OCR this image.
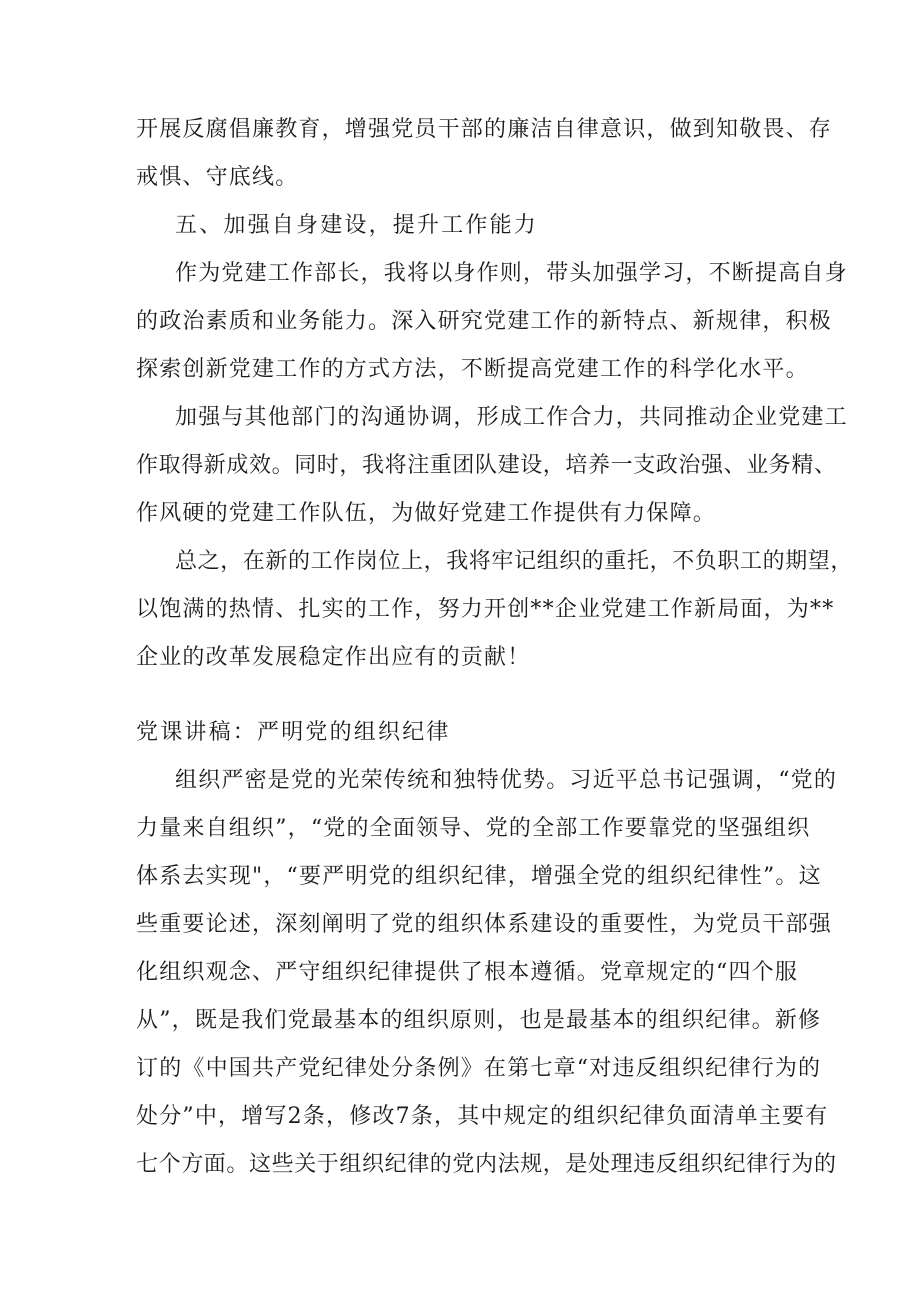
开展反腐倡廉教育，增强党员干部的廉洁自律意识，做到知敬畏、存
戒惧、守底线。
五、加强自身建设，提升工作能力
作为党建工作部长，我将以身作则，带头加强学习，不断提高自身
的政治素质和业务能力。深入研究党建工作的新特点、新规律，积极
探索创新党建工作的方式方法，不断提高党建工作的科学化水平。
加强与其他部门的沟通协调，形成工作合力，共同推动企业党建工
作取得新成效。同时，我将注重团队建设，培养一支政治强、业务精、
作风硬的党建工作队伍，为做好党建工作提供有力保障。
总之，在新的工作岗位上，我将牢记组织的重托，不负职工的期望，
以饱满的热情、扎实的工作，努力开创**企业党建工作新局面，为**
企业的改革发展稳定作出应有的贡献！
党课讲稿：严明党的组织纪律
组织严密是党的光荣传统和独特优势。习近平总书记强调，“党的
力量来自组织”，“党的全面领导、党的全部工作要靠党的坚强组织
体系去实现"，“要严明党的组织纪律，增强全党的组织纪律性”。这
些重要论述，深刻阐明了党的组织体系建设的重要性，为党员干部强
化组织观念、严守组织纪律提供了根本遵循。党章规定的“四个服
从”，既是我们党最基本的组织原则，也是最基本的组织纪律。新修
订的《中国共产党纪律处分条例》在第七章“对违反组织纪律行为的
处分”中，增写2条，修改7条，其中规定的组织纪律负面清单主要有
七个方面。这些关于组织纪律的党内法规，是处理违反组织纪律行为的
